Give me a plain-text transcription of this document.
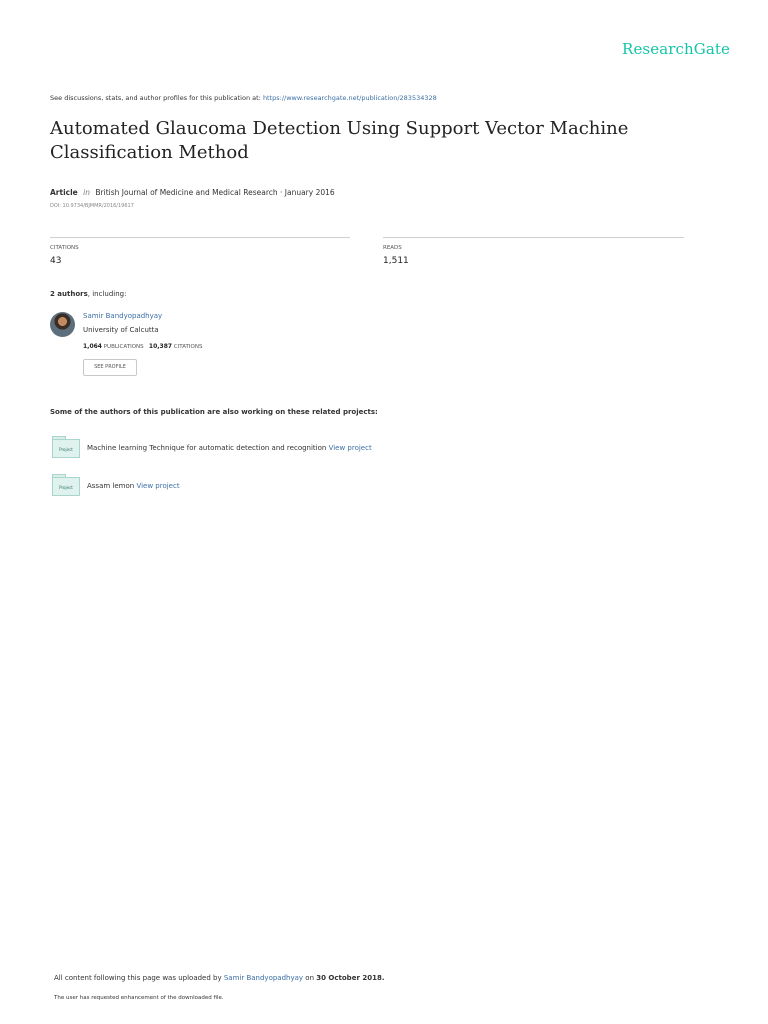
ResearchGate
See discussions, stats, and author profiles for this publication at: https://www.researchgate.net/publication/283534328
Automated Glaucoma Detection Using Support Vector Machine Classification Method
Article in British Journal of Medicine and Medical Research · January 2016
DOI: 10.9734/BJMMR/2016/19617
CITATIONS
43
READS
1,511
2 authors, including:
Samir Bandyopadhyay
University of Calcutta
1,064 PUBLICATIONS 10,387 CITATIONS
SEE PROFILE
Some of the authors of this publication are also working on these related projects:
Project	Machine learning Technique for automatic detection and recognition View project
Project	Assam lemon View project
All content following this page was uploaded by Samir Bandyopadhyay on 30 October 2018.
The user has requested enhancement of the downloaded file.
